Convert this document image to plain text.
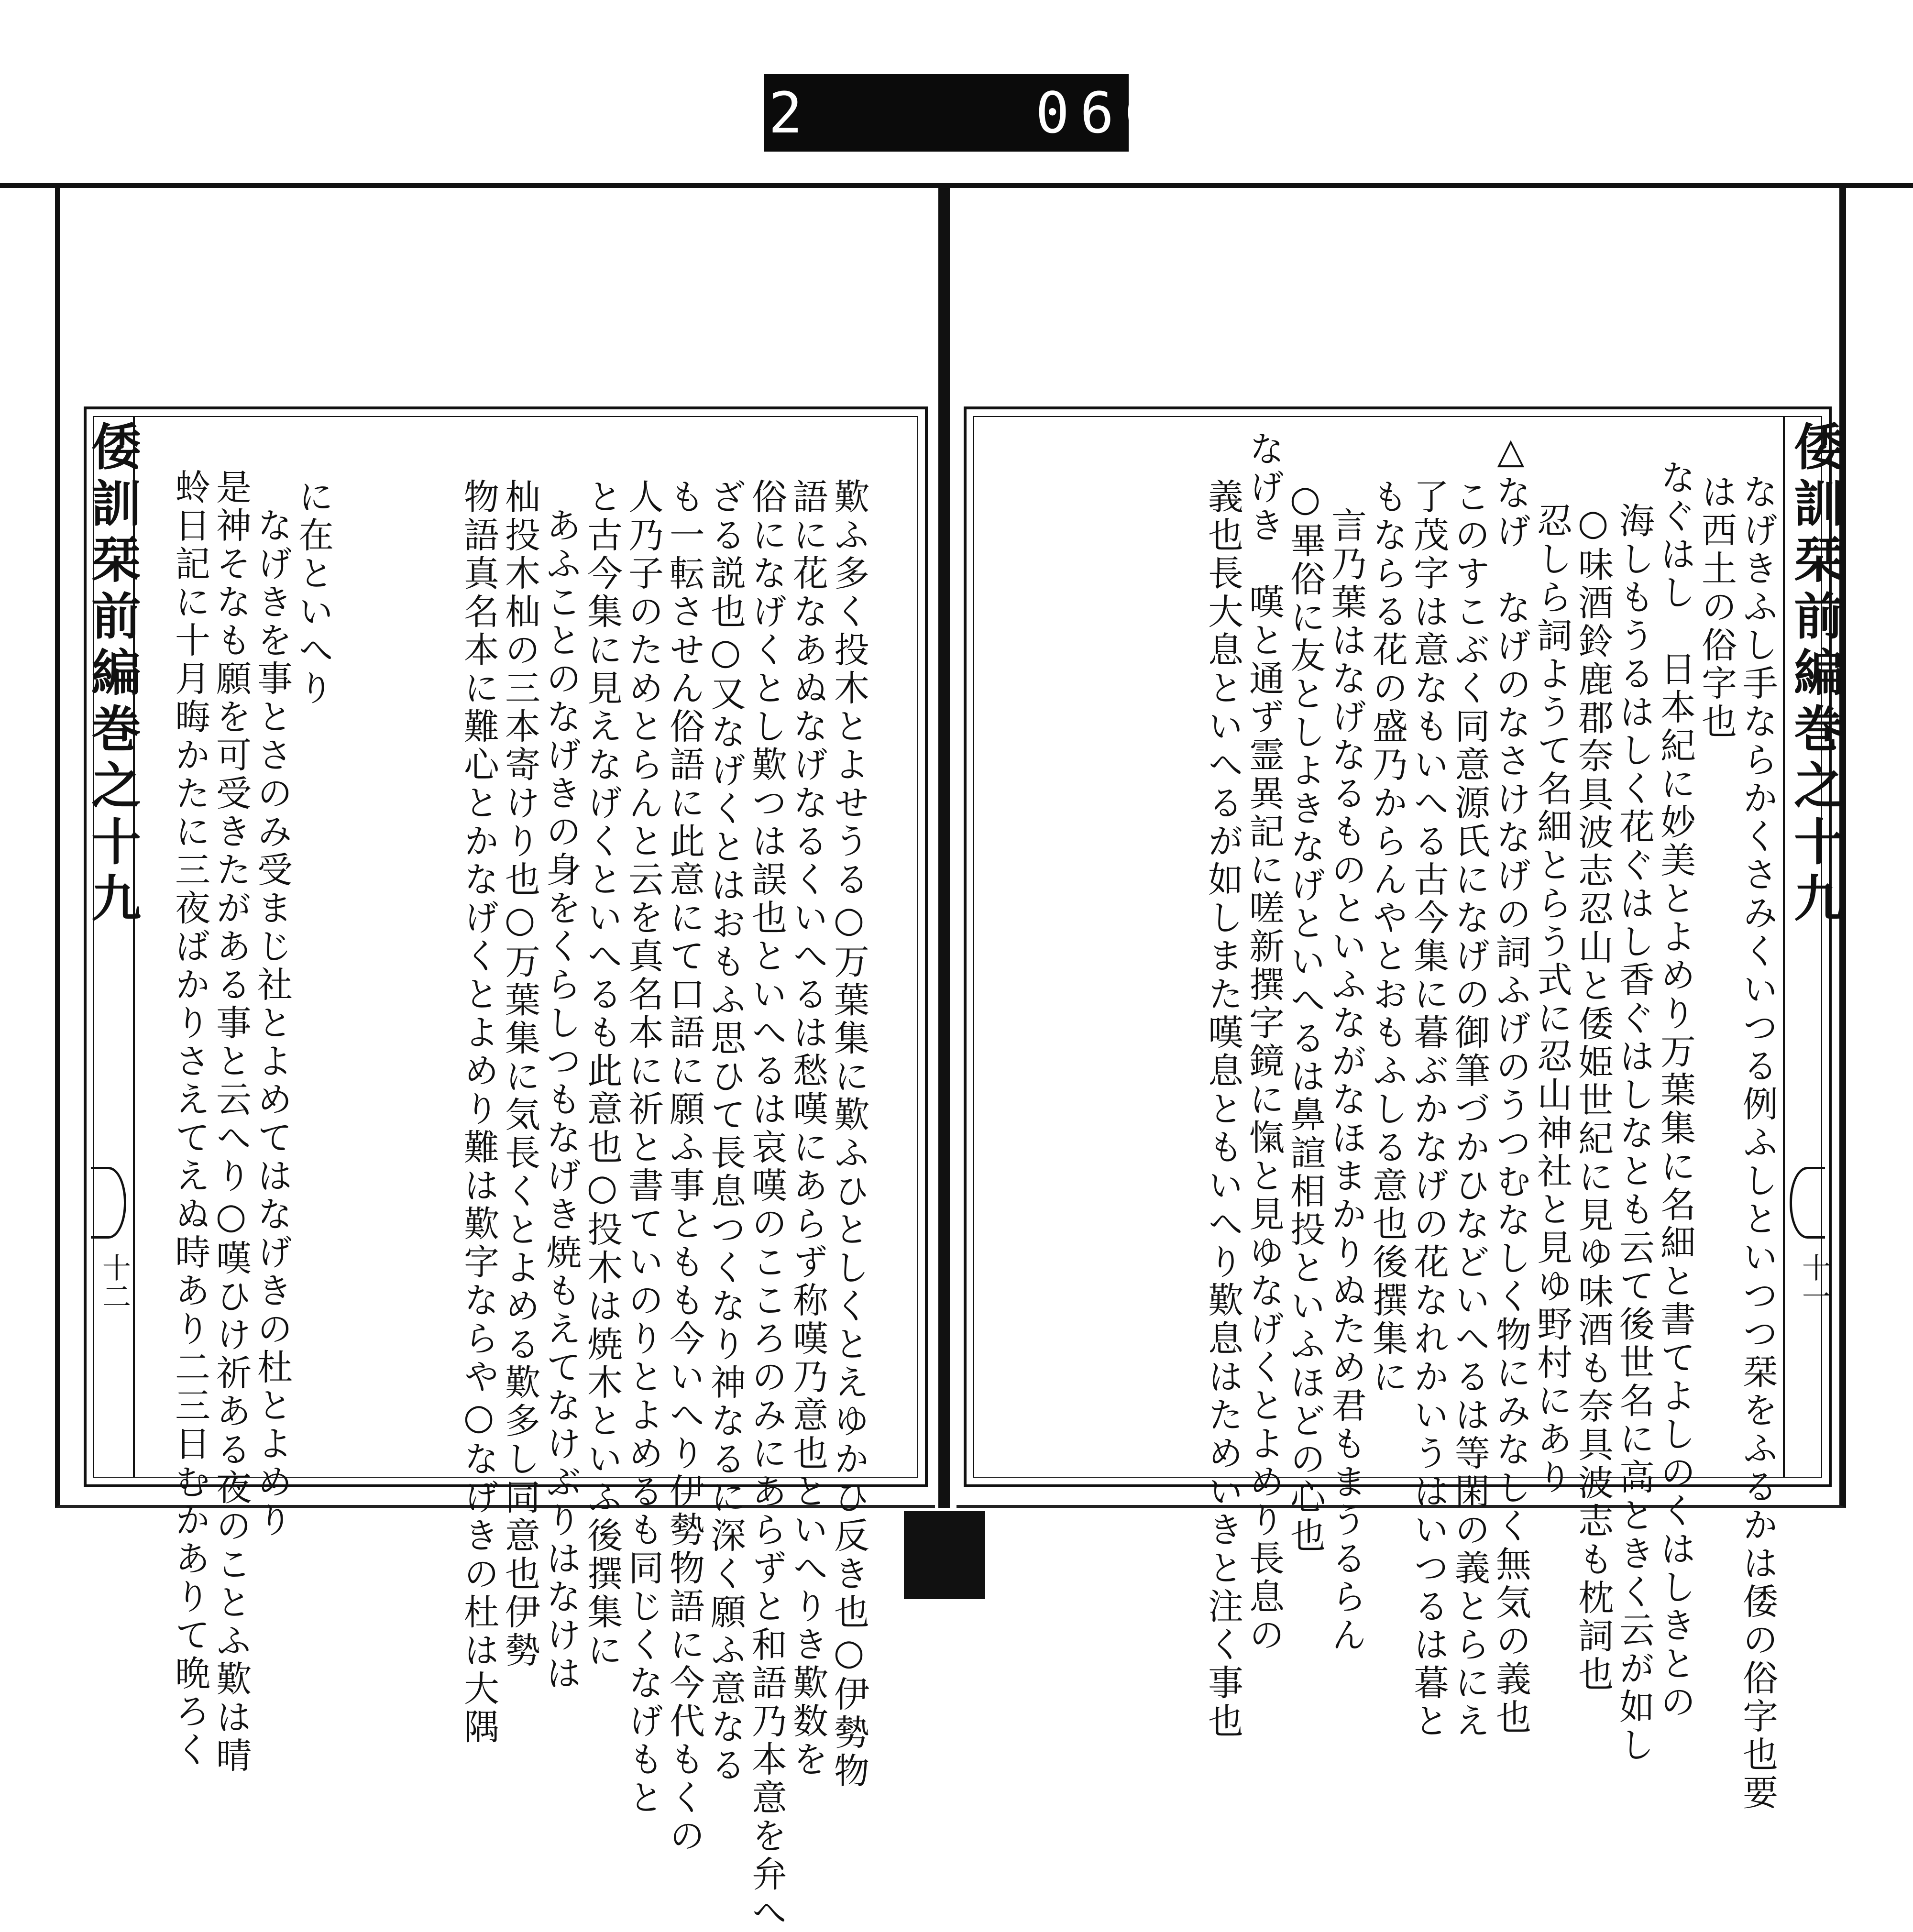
532
	066.
倭訓栞前編巻之十九
なげきふし手ならかくさみくいつる例ふしといつつ栞をふるかは倭の俗字也要
は西土の俗字也
なぐはし　日本紀に妙美とよめり万葉集に名細と書てよしのくはしきとの
海しもうるはしく花ぐはし香ぐはしなとも云て後世名に高ときく云が如し
○味酒鈴鹿郡奈具波志忍山と倭姫世紀に見ゆ味酒も奈具波志も枕詞也
忍しら詞ようて名細とらう式に忍山神社と見ゆ野村にあり
△なげ　なげのなさけなげの詞ふげのうつむなしく物にみなしく無気の義也
このすこぶく同意源氏になげの御筆づかひなどいへるは等閑の義とらにえ
了茂字は意なもいへる古今集に暮ぶかなげの花なれかいうはいつるは暮と
もならる花の盛乃からんやとおもふしる意也後撰集に
言乃葉はなげなるものといふながなほまかりぬため君もまうるらん
○畢俗に友としよきなげといへるは鼻諠相投といふほどの心也
なげき　嘆と通ず霊異記に嗟新撰字鏡に愾と見ゆなげくとよめり長息の
義也長大息といへるが如しまた嘆息ともいへり歎息はためいきと注く事也	十一
倭訓栞前編巻之十九	歎ふ多く投木とよせうる○万葉集に歎ふひとしくとえゆかひ反き也○伊勢物
語に花なあぬなげなるくいへるは愁嘆にあらず称嘆乃意也といへりき歎数を
俗になげくとし歎つは誤也といへるは哀嘆のこころのみにあらずと和語乃本意を弁へ
ざる説也○又なげくとはおもふ思ひて長息つくなり神なるに深く願ふ意なる
も一転させん俗語に此意にて口語に願ふ事ともも今いへり伊勢物語に今代もくの
人乃子のためとらんと云を真名本に祈と書ていのりとよめるも同じくなげもと
と古今集に見えなげくといへるも此意也○投木は焼木といふ後撰集に
あふことのなげきの身をくらしつもなげき焼もえてなけぶりはなけは
杣投木杣の三本寄けり也○万葉集に気長くとよめる歎多し同意也伊勢
物語真名本に難心とかなげくとよめり難は歎字ならや○なげきの杜は大隅
に在といへり
なげきを事とさのみ受まじ社とよめてはなげきの杜とよめり
是神そなも願を可受きたがある事と云へり○嘆ひけ祈ある夜のことふ歎は晴
蛉日記に十月晦かたに三夜ばかりさえてえぬ時あり二三日むかありて晩ろく
十二
